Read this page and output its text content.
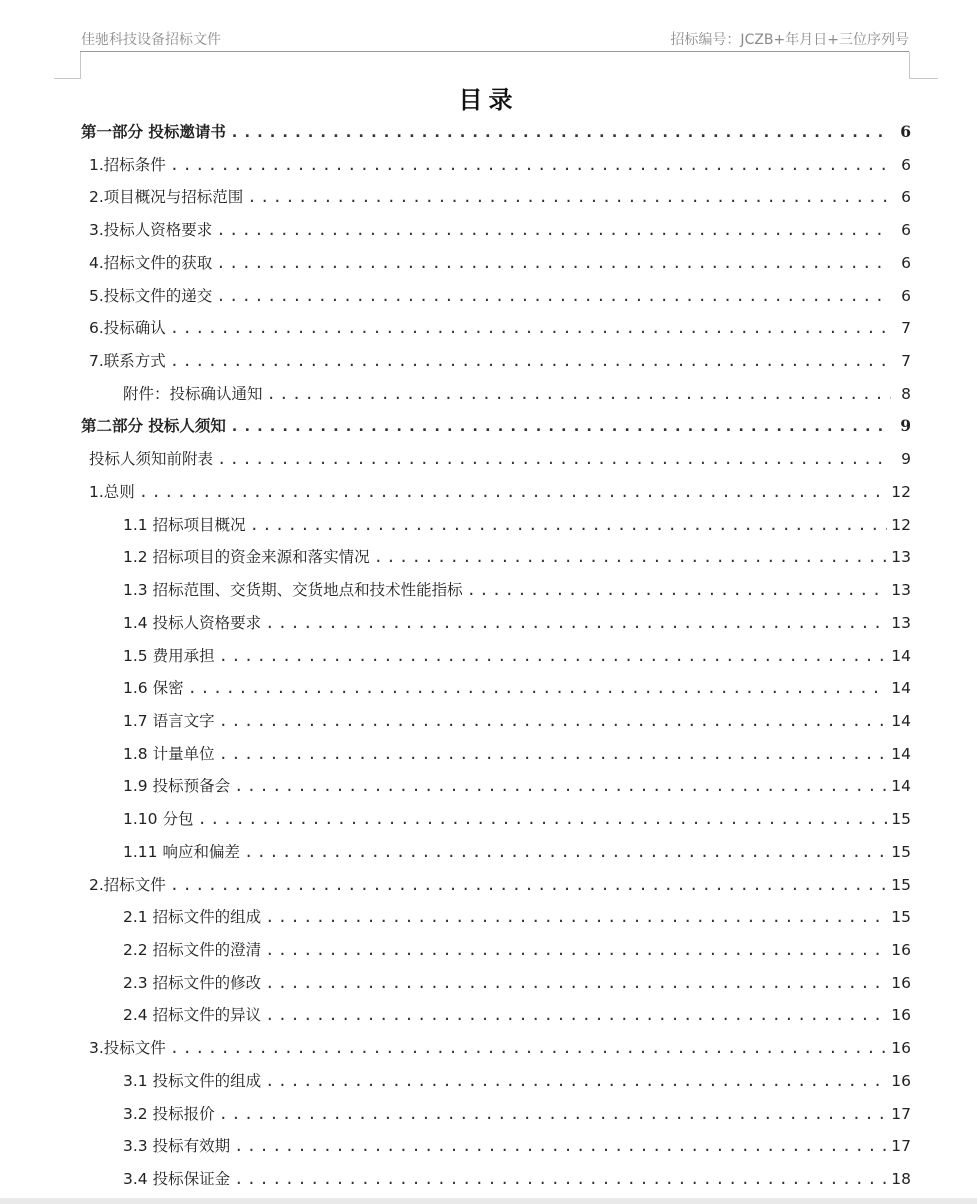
佳驰科技设备招标文件	招标编号：JCZB+年月日+三位序列号
目录
第一部分 投标邀请书 . . .	6
1.招标条件 . . .	6
2.项目概况与招标范围 . . .	6
3.投标人资格要求 . . .	6
4.招标文件的获取 . . .	6
5.投标文件的递交 . . .	6
6.投标确认 . . .	7
7.联系方式 . . .	7
附件：投标确认通知 . . .	8
第二部分 投标人须知 . . .	9
投标人须知前附表 . . .	9
1.总则 . . .	12
1.1 招标项目概况 . . .	12
1.2 招标项目的资金来源和落实情况 . . .	13
1.3 招标范围、交货期、交货地点和技术性能指标 . . .	13
1.4 投标人资格要求 . . .	13
1.5 费用承担 . . .	14
1.6 保密 . . .	14
1.7 语言文字 . . .	14
1.8 计量单位 . . .	14
1.9 投标预备会 . . .	14
1.10 分包 . . .	15
1.11 响应和偏差 . . .	15
2.招标文件 . . .	15
2.1 招标文件的组成 . . .	15
2.2 招标文件的澄清 . . .	16
2.3 招标文件的修改 . . .	16
2.4 招标文件的异议 . . .	16
3.投标文件 . . .	16
3.1 投标文件的组成 . . .	16
3.2 投标报价 . . .	17
3.3 投标有效期 . . .	17
3.4 投标保证金 . . .	18
